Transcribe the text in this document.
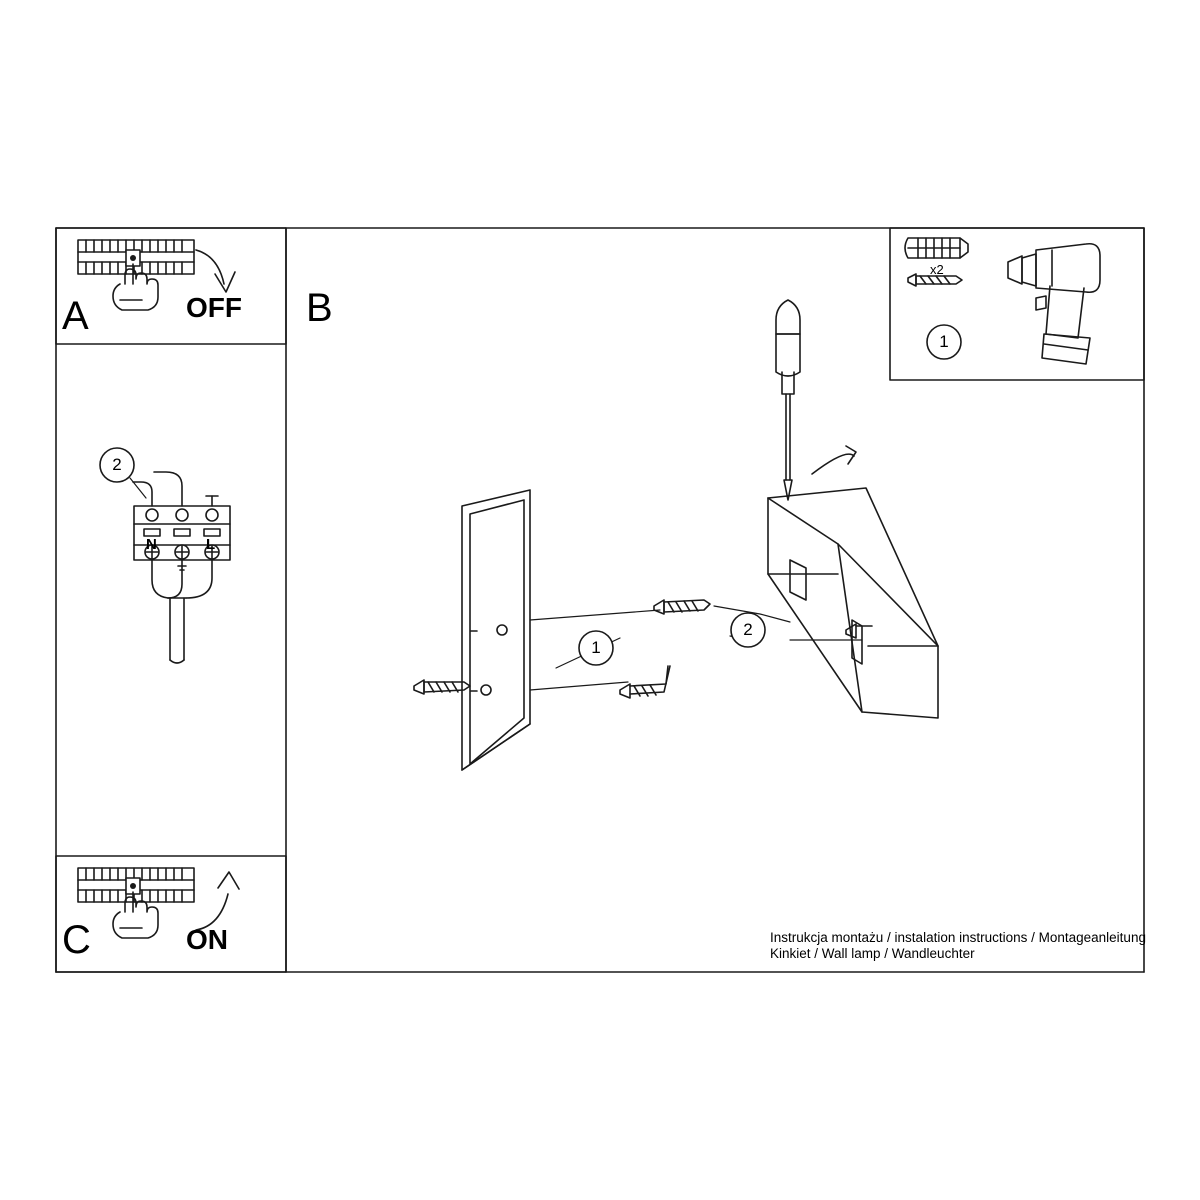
A	OFF B
C	ON
1
2
1
x2
2
N	L
Instrukcja montażu / instalation instructions / Montageanleitung
Kinkiet / Wall lamp / Wandleuchter
